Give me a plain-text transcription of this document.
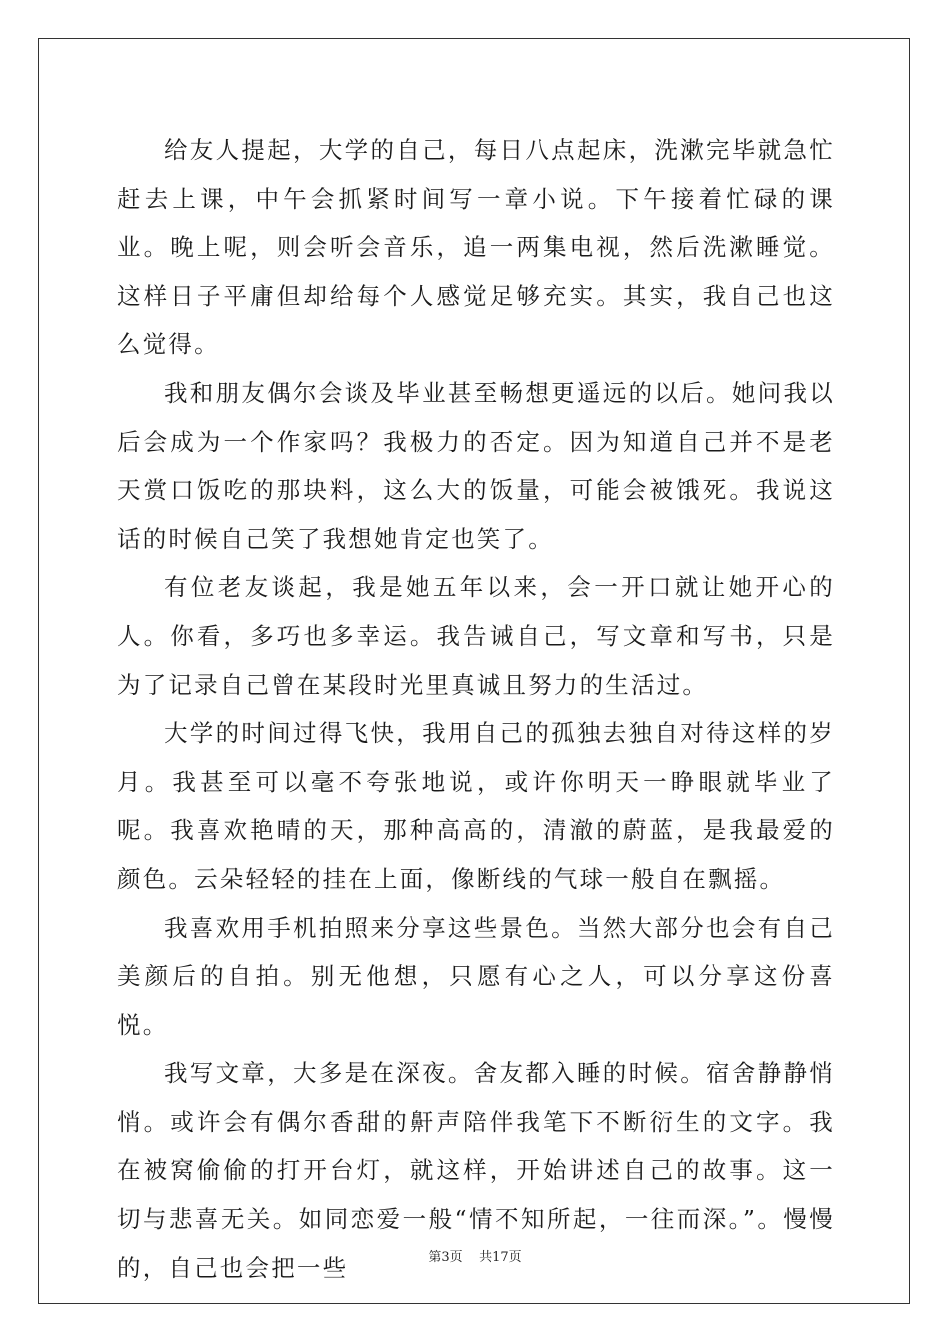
给友人提起，大学的自己，每日八点起床，洗漱完毕就急忙赶去上课，中午会抓紧时间写一章小说。下午接着忙碌的课业。晚上呢，则会听会音乐，追一两集电视，然后洗漱睡觉。这样日子平庸但却给每个人感觉足够充实。其实，我自己也这么觉得。

我和朋友偶尔会谈及毕业甚至畅想更遥远的以后。她问我以后会成为一个作家吗？我极力的否定。因为知道自己并不是老天赏口饭吃的那块料，这么大的饭量，可能会被饿死。我说这话的时候自己笑了我想她肯定也笑了。

有位老友谈起，我是她五年以来，会一开口就让她开心的人。你看，多巧也多幸运。我告诫自己，写文章和写书，只是为了记录自己曾在某段时光里真诚且努力的生活过。

大学的时间过得飞快，我用自己的孤独去独自对待这样的岁月。我甚至可以毫不夸张地说，或许你明天一睁眼就毕业了呢。我喜欢艳晴的天，那种高高的，清澈的蔚蓝，是我最爱的颜色。云朵轻轻的挂在上面，像断线的气球一般自在飘摇。

我喜欢用手机拍照来分享这些景色。当然大部分也会有自己美颜后的自拍。别无他想，只愿有心之人，可以分享这份喜悦。

我写文章，大多是在深夜。舍友都入睡的时候。宿舍静静悄悄。或许会有偶尔香甜的鼾声陪伴我笔下不断衍生的文字。我在被窝偷偷的打开台灯，就这样，开始讲述自己的故事。这一切与悲喜无关。如同恋爱一般“情不知所起，一往而深。”。慢慢的，自己也会把一些	第3页 共17页
